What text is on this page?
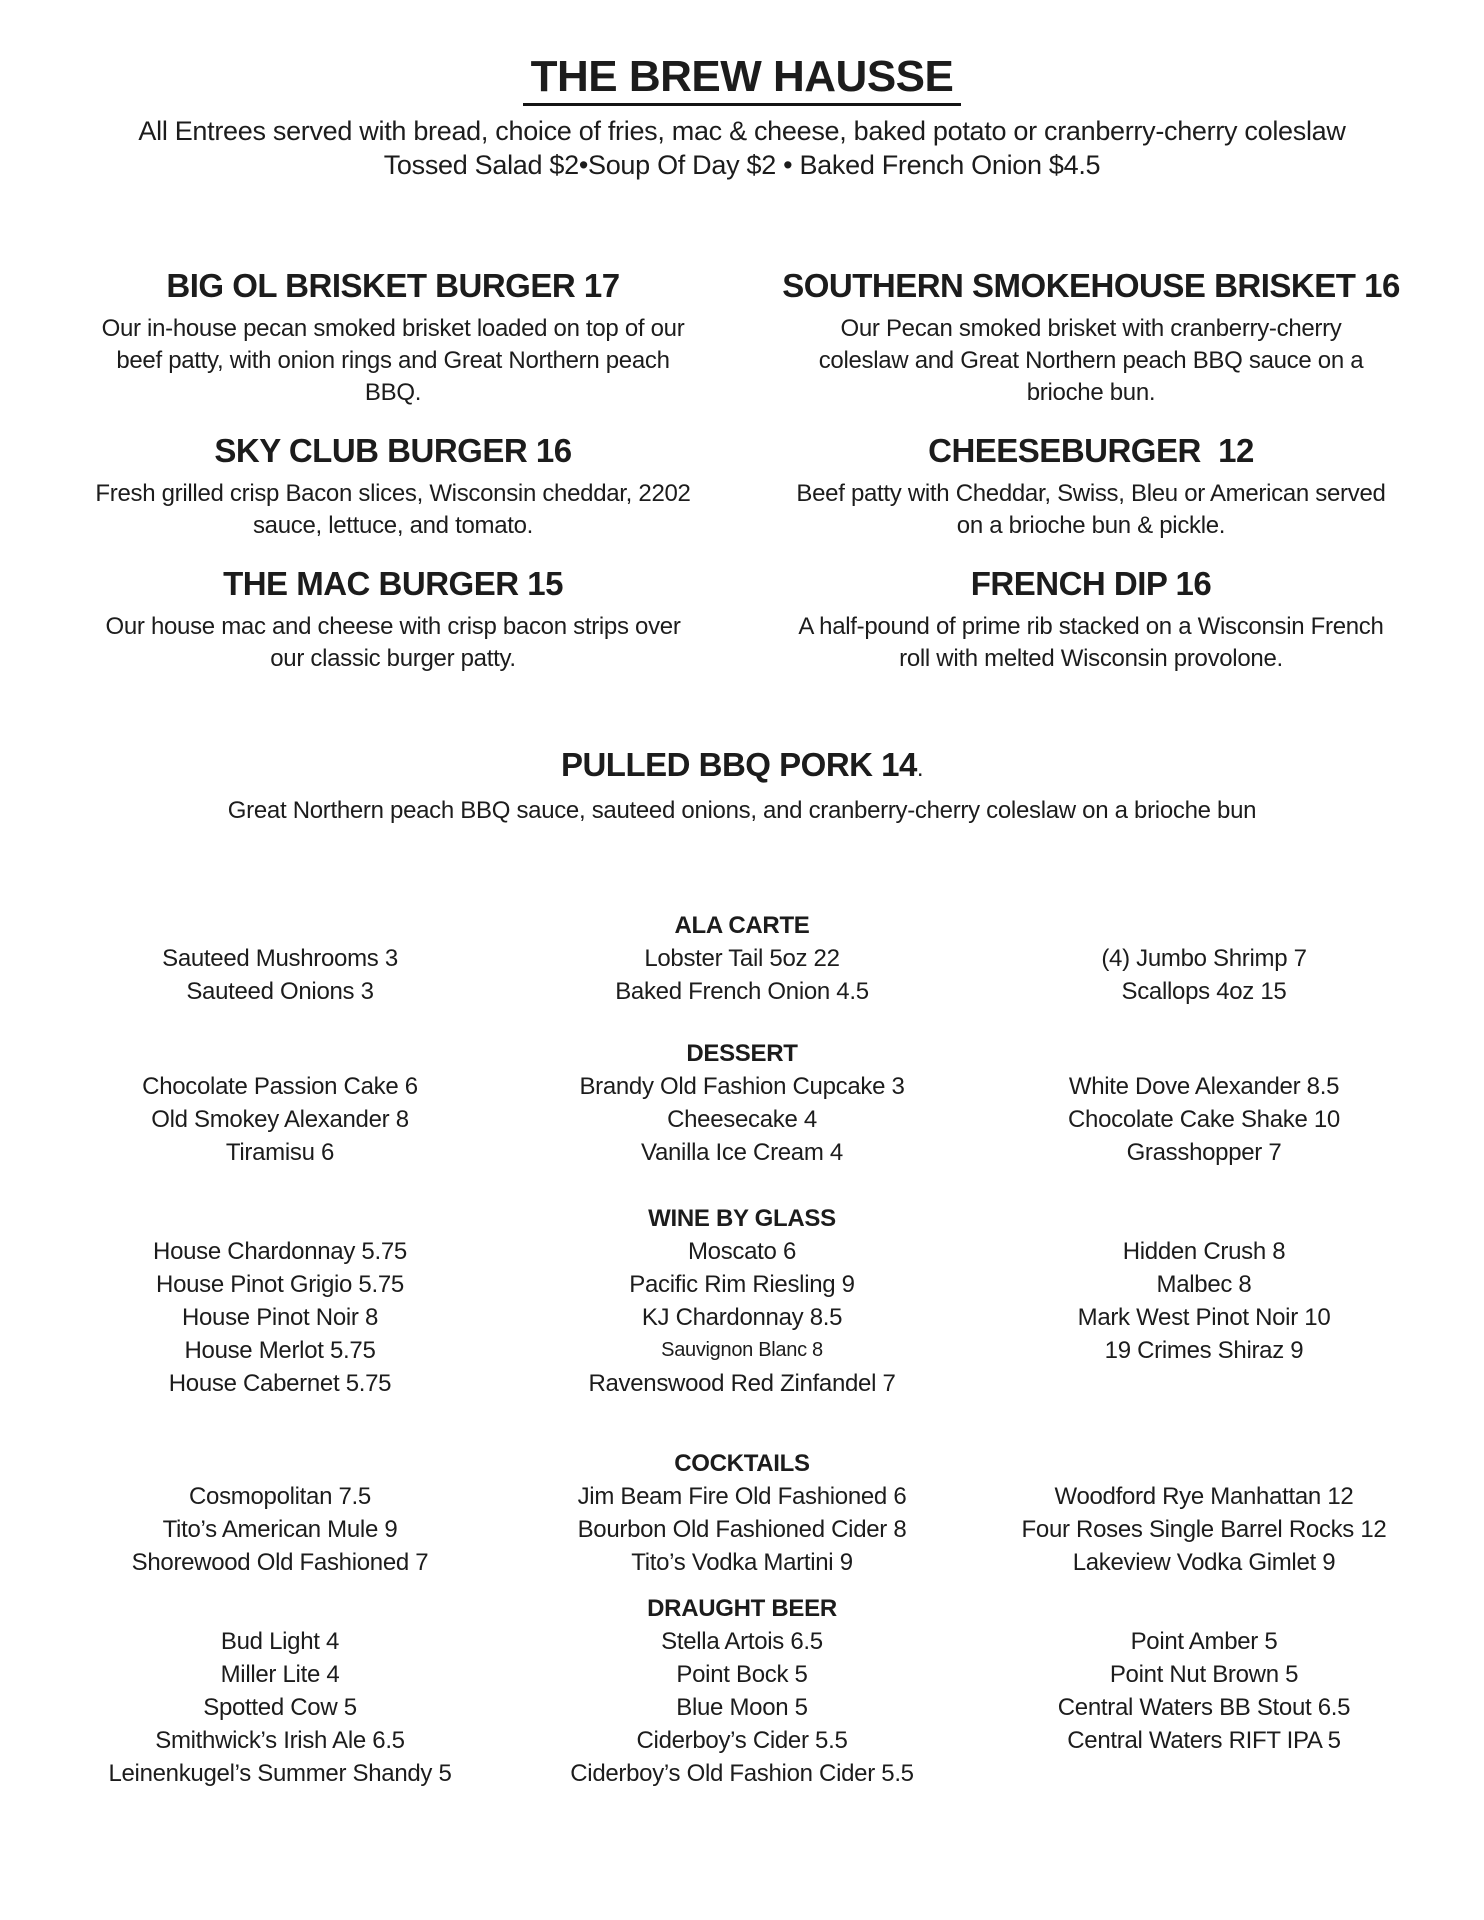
THE BREW HAUSSE
All Entrees served with bread, choice of fries, mac & cheese, baked potato or cranberry-cherry coleslaw
Tossed Salad $2•Soup Of Day $2 • Baked French Onion $4.5
BIG OL BRISKET BURGER 17
Our in-house pecan smoked brisket loaded on top of our
beef patty, with onion rings and Great Northern peach
BBQ.
SKY CLUB BURGER 16
Fresh grilled crisp Bacon slices, Wisconsin cheddar, 2202
sauce, lettuce, and tomato.
THE MAC BURGER 15
Our house mac and cheese with crisp bacon strips over
our classic burger patty.
SOUTHERN SMOKEHOUSE BRISKET 16
Our Pecan smoked brisket with cranberry-cherry
coleslaw and Great Northern peach BBQ sauce on a
brioche bun.
CHEESEBURGER  12
Beef patty with Cheddar, Swiss, Bleu or American served
on a brioche bun & pickle.
FRENCH DIP 16
A half-pound of prime rib stacked on a Wisconsin French
roll with melted Wisconsin provolone.
PULLED BBQ PORK 14.
Great Northern peach BBQ sauce, sauteed onions, and cranberry-cherry coleslaw on a brioche bun
ALA CARTE
Sauteed Mushrooms 3
Sauteed Onions 3
Lobster Tail 5oz 22
Baked French Onion 4.5
(4) Jumbo Shrimp 7
Scallops 4oz 15
DESSERT
Chocolate Passion Cake 6
Old Smokey Alexander 8
Tiramisu 6
Brandy Old Fashion Cupcake 3
Cheesecake 4
Vanilla Ice Cream 4
White Dove Alexander 8.5
Chocolate Cake Shake 10
Grasshopper 7
WINE BY GLASS
House Chardonnay 5.75
House Pinot Grigio 5.75
House Pinot Noir 8
House Merlot 5.75
House Cabernet 5.75
Moscato 6
Pacific Rim Riesling 9
KJ Chardonnay 8.5
Sauvignon Blanc 8
Ravenswood Red Zinfandel 7
Hidden Crush 8
Malbec 8
Mark West Pinot Noir 10
19 Crimes Shiraz 9
COCKTAILS
Cosmopolitan 7.5
Tito’s American Mule 9
Shorewood Old Fashioned 7
Jim Beam Fire Old Fashioned 6
Bourbon Old Fashioned Cider 8
Tito’s Vodka Martini 9
Woodford Rye Manhattan 12
Four Roses Single Barrel Rocks 12
Lakeview Vodka Gimlet 9
DRAUGHT BEER
Bud Light 4
Miller Lite 4
Spotted Cow 5
Smithwick’s Irish Ale 6.5
Leinenkugel’s Summer Shandy 5
Stella Artois 6.5
Point Bock 5
Blue Moon 5
Ciderboy’s Cider 5.5
Ciderboy’s Old Fashion Cider 5.5
Point Amber 5
Point Nut Brown 5
Central Waters BB Stout 6.5
Central Waters RIFT IPA 5
